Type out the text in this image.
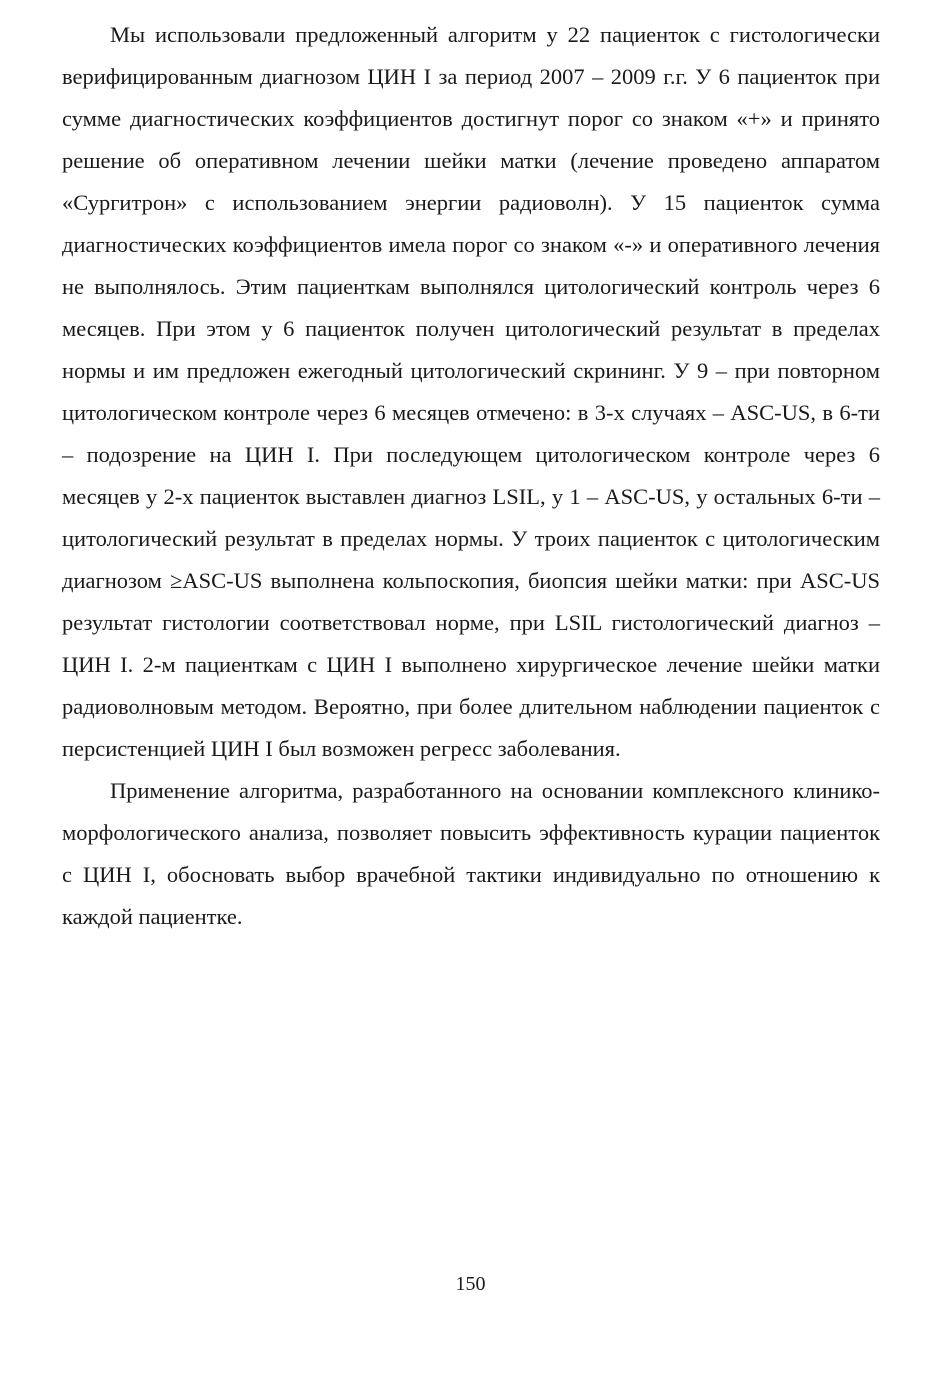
Мы использовали предложенный алгоритм у 22 пациенток с гистологически верифицированным диагнозом ЦИН I за период 2007 – 2009 г.г. У 6 пациенток при сумме диагностических коэффициентов достигнут порог со знаком «+» и принято решение об оперативном лечении шейки матки (лечение проведено аппаратом «Сургитрон» с использованием энергии радиоволн). У 15 пациенток сумма диагностических коэффициентов имела порог со знаком «-» и оперативного лечения не выполнялось. Этим пациенткам выполнялся цитологический контроль через 6 месяцев. При этом у 6 пациенток получен цитологический результат в пределах нормы и им предложен ежегодный цитологический скрининг. У 9 – при повторном цитологическом контроле через 6 месяцев отмечено: в 3-х случаях – ASC-US, в 6-ти – подозрение на ЦИН I. При последующем цитологическом контроле через 6 месяцев у 2-х пациенток выставлен диагноз LSIL, у 1 – ASC-US, у остальных 6-ти – цитологический результат в пределах нормы. У троих пациенток с цитологическим диагнозом ≥ASC-US выполнена кольпоскопия, биопсия шейки матки: при ASC-US результат гистологии соответствовал норме, при LSIL гистологический диагноз – ЦИН I. 2-м пациенткам с ЦИН I выполнено хирургическое лечение шейки матки радиоволновым методом. Вероятно, при более длительном наблюдении пациенток с персистенцией ЦИН I был возможен регресс заболевания.

Применение алгоритма, разработанного на основании комплексного клинико-морфологического анализа, позволяет повысить эффективность курации пациенток с ЦИН I, обосновать выбор врачебной тактики индивидуально по отношению к каждой пациентке.

150
